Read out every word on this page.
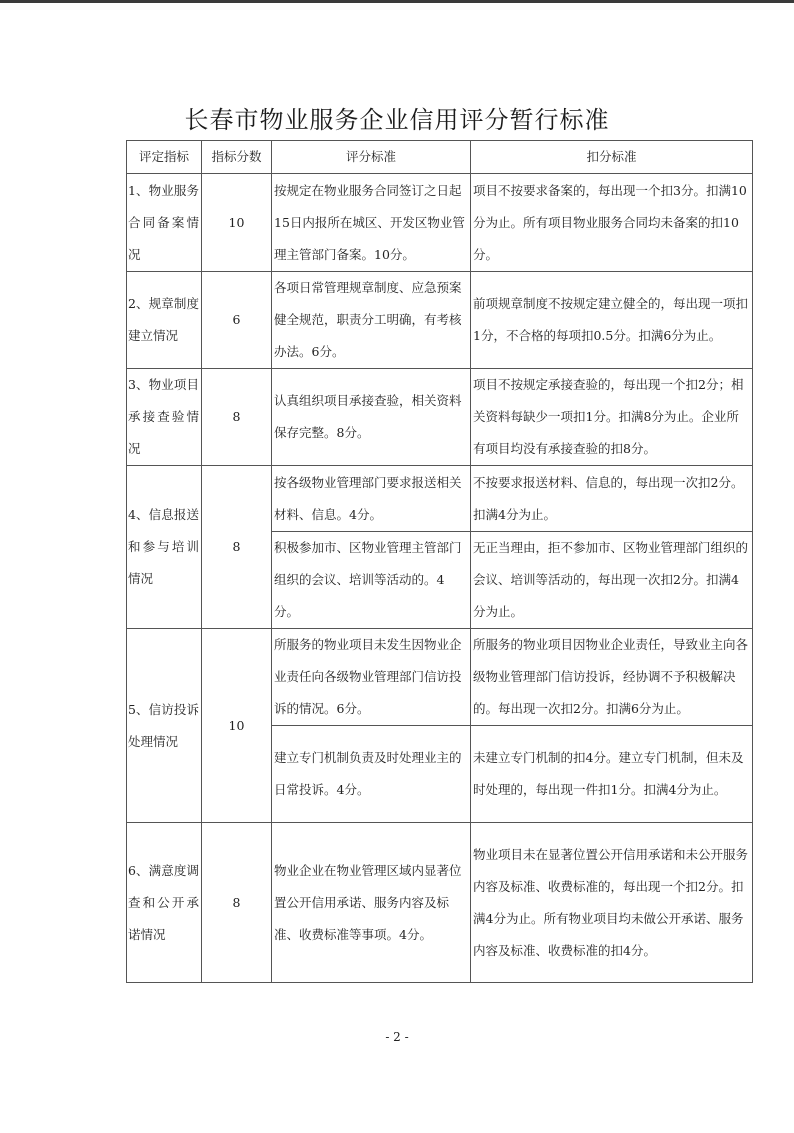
长春市物业服务企业信用评分暂行标准
评定指标	指标分数	评分标准	扣分标准
1、物业服务合同备案情况	10	按规定在物业服务合同签订之日起15日内报所在城区、开发区物业管理主管部门备案。10分。	项目不按要求备案的，每出现一个扣3分。扣满10分为止。所有项目物业服务合同均未备案的扣10分。
2、规章制度建立情况	6	各项日常管理规章制度、应急预案健全规范，职责分工明确，有考核办法。6分。	前项规章制度不按规定建立健全的，每出现一项扣1分，不合格的每项扣0.5分。扣满6分为止。
3、物业项目承接查验情况	8	认真组织项目承接查验，相关资料保存完整。8分。	项目不按规定承接查验的，每出现一个扣2分；相关资料每缺少一项扣1分。扣满8分为止。企业所有项目均没有承接查验的扣8分。
4、信息报送和参与培训情况	8	按各级物业管理部门要求报送相关材料、信息。4分。	不按要求报送材料、信息的，每出现一次扣2分。扣满4分为止。
		积极参加市、区物业管理主管部门组织的会议、培训等活动的。4分。	无正当理由，拒不参加市、区物业管理部门组织的会议、培训等活动的，每出现一次扣2分。扣满4分为止。
5、信访投诉处理情况	10	所服务的物业项目未发生因物业企业责任向各级物业管理部门信访投诉的情况。6分。	所服务的物业项目因物业企业责任，导致业主向各级物业管理部门信访投诉，经协调不予积极解决的。每出现一次扣2分。扣满6分为止。
		建立专门机制负责及时处理业主的日常投诉。4分。	未建立专门机制的扣4分。建立专门机制，但未及时处理的，每出现一件扣1分。扣满4分为止。
6、满意度调查和公开承诺情况	8	物业企业在物业管理区域内显著位置公开信用承诺、服务内容及标准、收费标准等事项。4分。	物业项目未在显著位置公开信用承诺和未公开服务内容及标准、收费标准的，每出现一个扣2分。扣满4分为止。所有物业项目均未做公开承诺、服务内容及标准、收费标准的扣4分。
- 2 -
